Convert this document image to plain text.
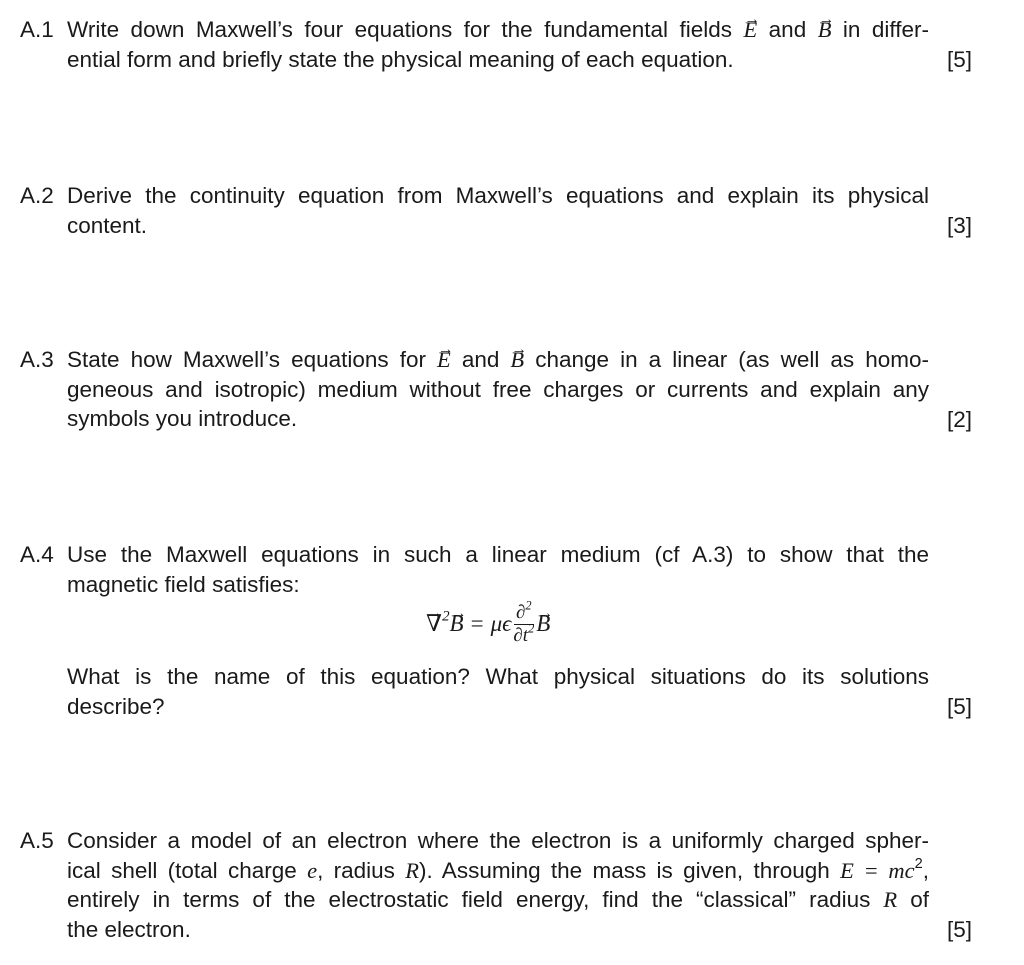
A.1 Write down Maxwell’s four equations for the fundamental fields → E and → B in differ-
ential form and briefly state the physical meaning of each equation.	[5]
A.2 Derive the continuity equation from Maxwell’s equations and explain its physical
content.	[3]
A.3 State how Maxwell’s equations for → E and → B change in a linear (as well as homo-
geneous and isotropic) medium without free charges or currents and explain any
symbols you introduce.	[2]
A.4 Use the Maxwell equations in such a linear medium (cf A.3) to show that the
magnetic field satisfies:
What is the name of this equation? What physical situations do its solutions
describe?	[5]
→ ∇$^2$→ B = μϵ $\frac{\partial^2}{\partial t^2}$
→ B
A.5 Consider a model of an electron where the electron is a uniformly charged spher-
ical shell (total charge e, radius R). Assuming the mass is given, through $E = mc^2$,
entirely in terms of the electrostatic field energy, find the “classical” radius R of
the electron.	[5]
